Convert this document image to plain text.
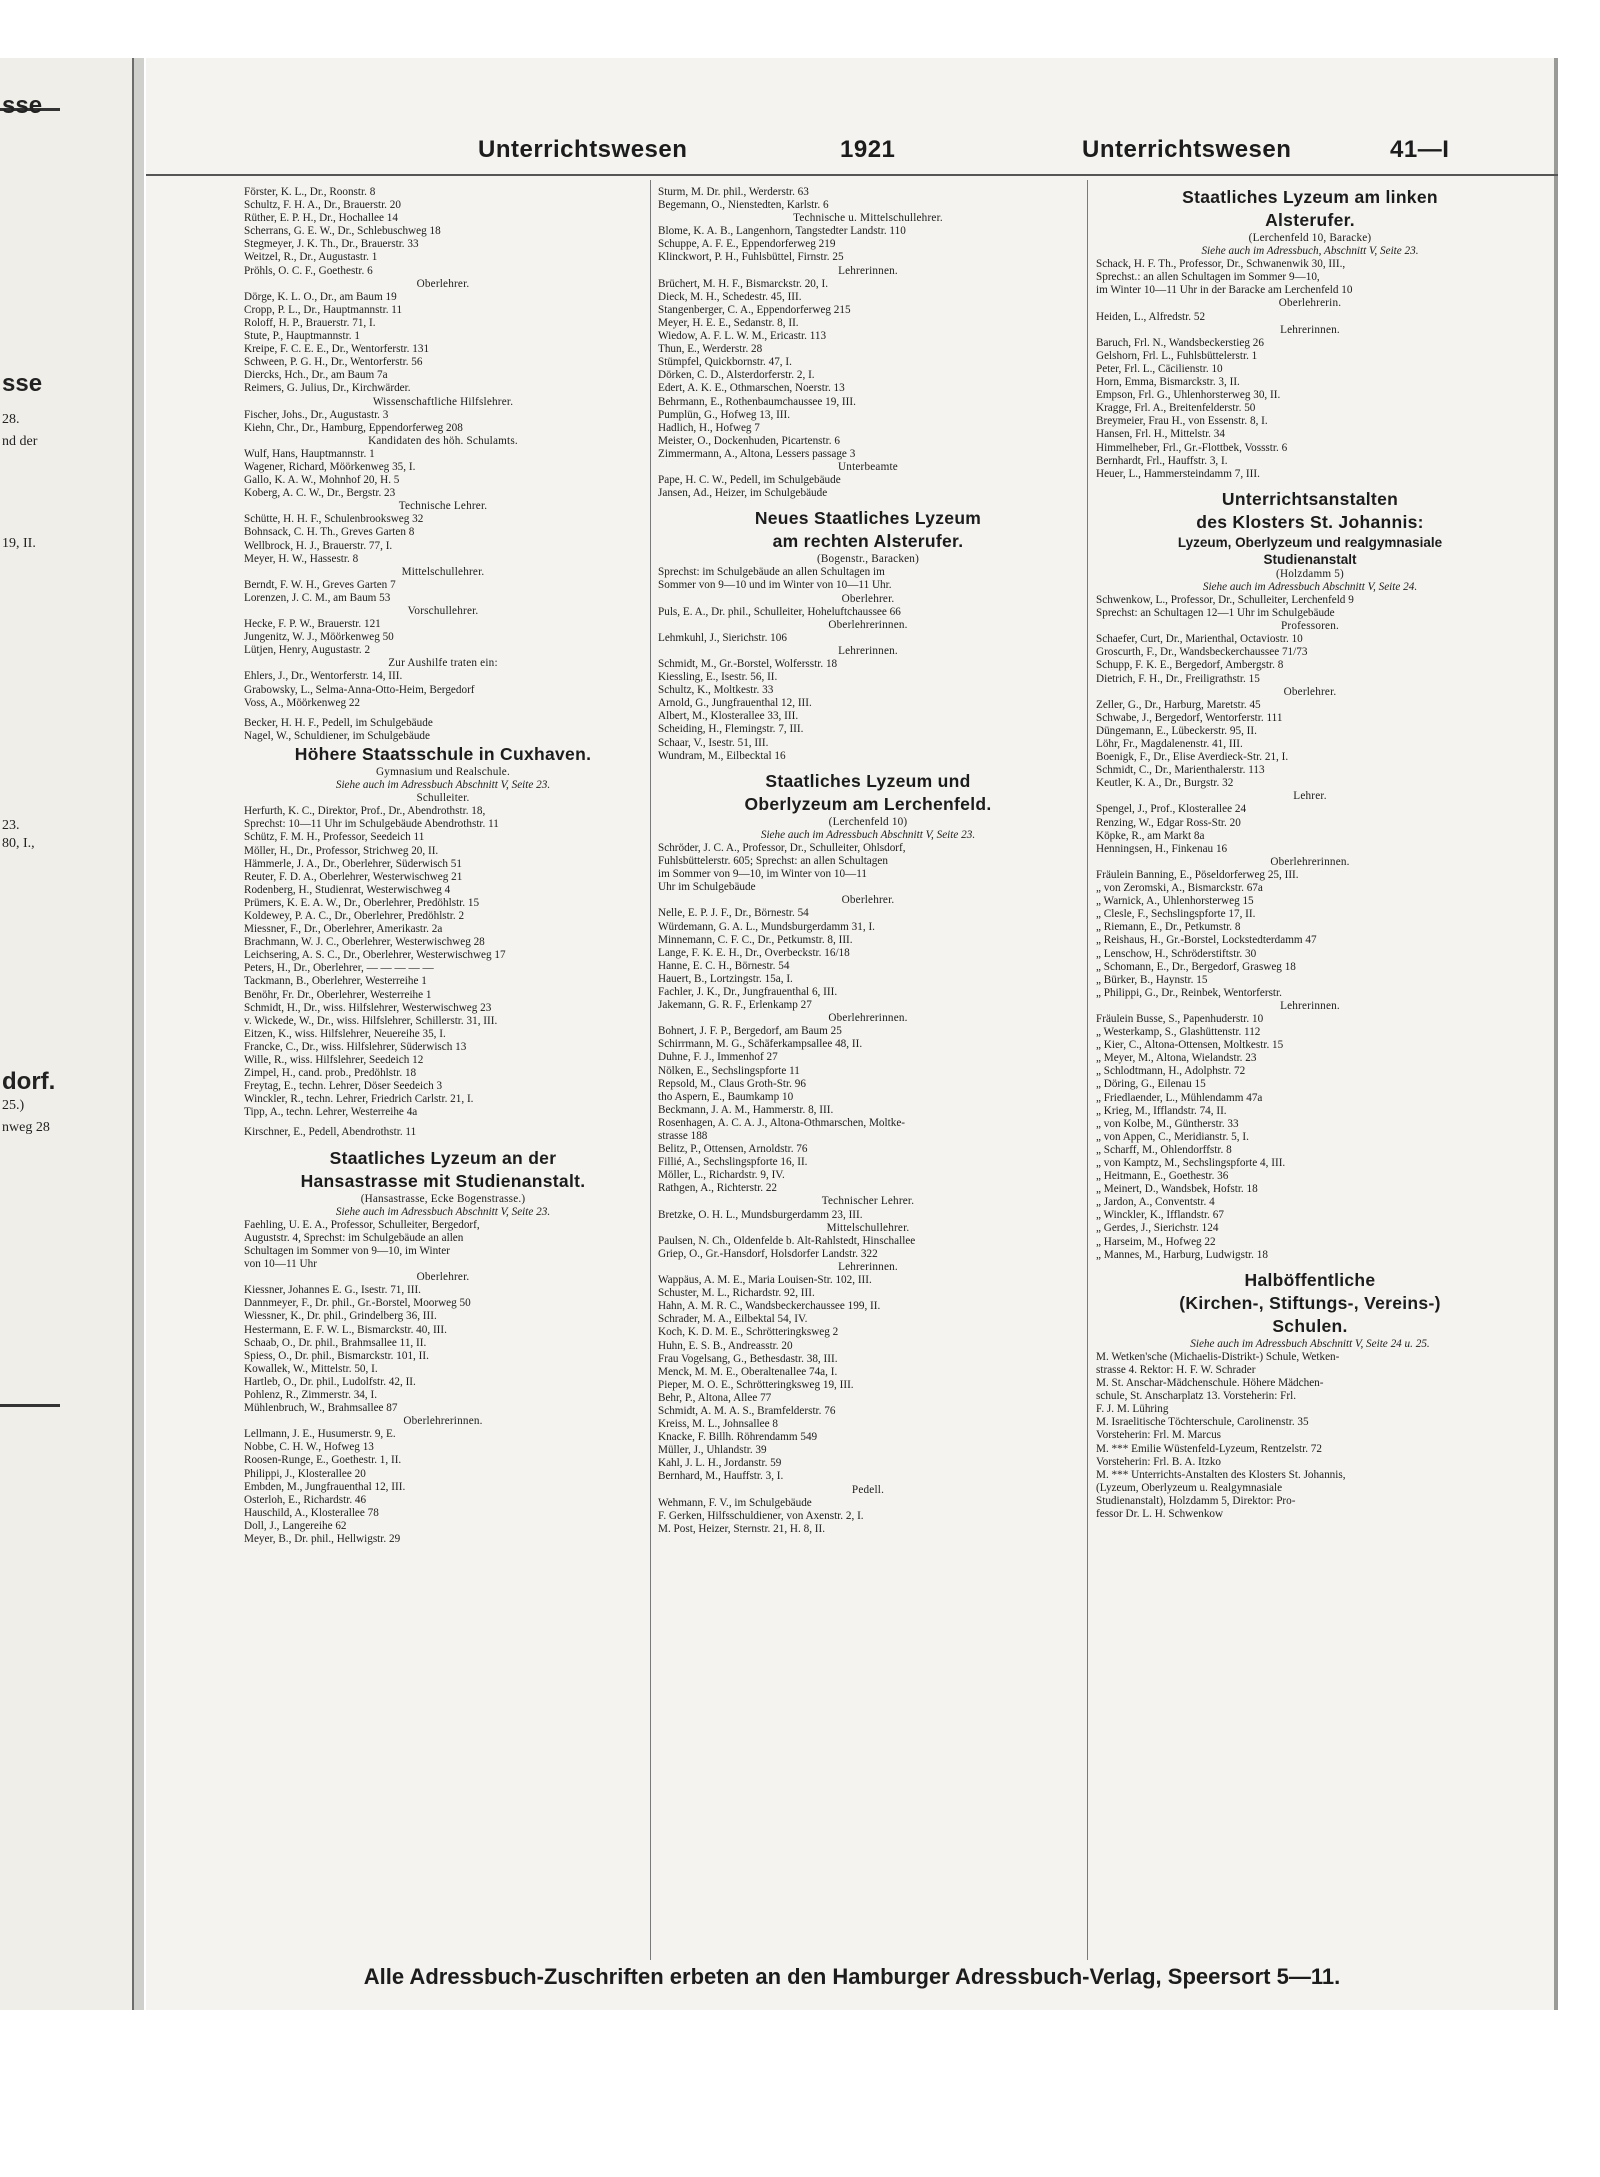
sse
sse
28.
nd der
19, II.
23.
80, I.,
dorf.
25.)
nweg 28
Unterrichtswesen	1921	Unterrichtswesen	41—I
Förster, K. L., Dr., Roonstr. 8
Schultz, F. H. A., Dr., Brauerstr. 20
Rüther, E. P. H., Dr., Hochallee 14
Scherrans, G. E. W., Dr., Schlebuschweg 18
Stegmeyer, J. K. Th., Dr., Brauerstr. 33
Weitzel, R., Dr., Augustastr. 1
Pröhls, O. C. F., Goethestr. 6
Oberlehrer.
Dörge, K. L. O., Dr., am Baum 19
Cropp, P. L., Dr., Hauptmannstr. 11
Roloff, H. P., Brauerstr. 71, I.
Stute, P., Hauptmannstr. 1
Kreipe, F. C. E. E., Dr., Wentorferstr. 131
Schween, P. G. H., Dr., Wentorferstr. 56
Diercks, Hch., Dr., am Baum 7a
Reimers, G. Julius, Dr., Kirchwärder.
Wissenschaftliche Hilfslehrer.
Fischer, Johs., Dr., Augustastr. 3
Kiehn, Chr., Dr., Hamburg, Eppendorferweg 208
Kandidaten des höh. Schulamts.
Wulf, Hans, Hauptmannstr. 1
Wagener, Richard, Möörkenweg 35, I.
Gallo, K. A. W., Mohnhof 20, H. 5
Koberg, A. C. W., Dr., Bergstr. 23
Technische Lehrer.
Schütte, H. H. F., Schulenbrooksweg 32
Bohnsack, C. H. Th., Greves Garten 8
Wellbrock, H. J., Brauerstr. 77, I.
Meyer, H. W., Hassestr. 8
Mittelschullehrer.
Berndt, F. W. H., Greves Garten 7
Lorenzen, J. C. M., am Baum 53
Vorschullehrer.
Hecke, F. P. W., Brauerstr. 121
Jungenitz, W. J., Möörkenweg 50
Lütjen, Henry, Augustastr. 2
Zur Aushilfe traten ein:
Ehlers, J., Dr., Wentorferstr. 14, III.
Grabowsky, L., Selma-Anna-Otto-Heim, Bergedorf
Voss, A., Möörkenweg 22
Becker, H. H. F., Pedell, im Schulgebäude
Nagel, W., Schuldiener, im Schulgebäude
Höhere Staatsschule in Cuxhaven.
Gymnasium und Realschule.
Siehe auch im Adressbuch Abschnitt V, Seite 23.
Schulleiter.
Herfurth, K. C., Direktor, Prof., Dr., Abendrothstr. 18,
Sprechst: 10—11 Uhr im Schulgebäude Abendrothstr. 11
Schütz, F. M. H., Professor, Seedeich 11
Möller, H., Dr., Professor, Strichweg 20, II.
Hämmerle, J. A., Dr., Oberlehrer, Süderwisch 51
Reuter, F. D. A., Oberlehrer, Westerwischweg 21
Rodenberg, H., Studienrat, Westerwischweg 4
Prümers, K. E. A. W., Dr., Oberlehrer, Predöhlstr. 15
Koldewey, P. A. C., Dr., Oberlehrer, Predöhlstr. 2
Miessner, F., Dr., Oberlehrer, Amerikastr. 2a
Brachmann, W. J. C., Oberlehrer, Westerwischweg 28
Leichsering, A. S. C., Dr., Oberlehrer, Westerwischweg 17
Peters, H., Dr., Oberlehrer, — — — — —
Tackmann, B., Oberlehrer, Westerreihe 1
Benöhr, Fr. Dr., Oberlehrer, Westerreihe 1
Schmidt, H., Dr., wiss. Hilfslehrer, Westerwischweg 23
v. Wickede, W., Dr., wiss. Hilfslehrer, Schillerstr. 31, III.
Eitzen, K., wiss. Hilfslehrer, Neuereihe 35, I.
Francke, C., Dr., wiss. Hilfslehrer, Süderwisch 13
Wille, R., wiss. Hilfslehrer, Seedeich 12
Zimpel, H., cand. prob., Predöhlstr. 18
Freytag, E., techn. Lehrer, Döser Seedeich 3
Winckler, R., techn. Lehrer, Friedrich Carlstr. 21, I.
Tipp, A., techn. Lehrer, Westerreihe 4a
Kirschner, E., Pedell, Abendrothstr. 11
Staatliches Lyzeum an der
Hansastrasse mit Studienanstalt.
(Hansastrasse, Ecke Bogenstrasse.)
Siehe auch im Adressbuch Abschnitt V, Seite 23.
Faehling, U. E. A., Professor, Schulleiter, Bergedorf,
Auguststr. 4, Sprechst: im Schulgebäude an allen
Schultagen im Sommer von 9—10, im Winter
von 10—11 Uhr
Oberlehrer.
Kiessner, Johannes E. G., Isestr. 71, III.
Dannmeyer, F., Dr. phil., Gr.-Borstel, Moorweg 50
Wiessner, K., Dr. phil., Grindelberg 36, III.
Hestermann, E. F. W. L., Bismarckstr. 40, III.
Schaab, O., Dr. phil., Brahmsallee 11, II.
Spiess, O., Dr. phil., Bismarckstr. 101, II.
Kowallek, W., Mittelstr. 50, I.
Hartleb, O., Dr. phil., Ludolfstr. 42, II.
Pohlenz, R., Zimmerstr. 34, I.
Mühlenbruch, W., Brahmsallee 87
Oberlehrerinnen.
Lellmann, J. E., Husumerstr. 9, E.
Nobbe, C. H. W., Hofweg 13
Roosen-Runge, E., Goethestr. 1, II.
Philippi, J., Klosterallee 20
Embden, M., Jungfrauenthal 12, III.
Osterloh, E., Richardstr. 46
Hauschild, A., Klosterallee 78
Doll, J., Langereihe 62
Meyer, B., Dr. phil., Hellwigstr. 29
Sturm, M. Dr. phil., Werderstr. 63
Begemann, O., Nienstedten, Karlstr. 6
Technische u. Mittelschullehrer.
Blome, K. A. B., Langenhorn, Tangstedter Landstr. 110
Schuppe, A. F. E., Eppendorferweg 219
Klinckwort, P. H., Fuhlsbüttel, Firnstr. 25
Lehrerinnen.
Brüchert, M. H. F., Bismarckstr. 20, I.
Dieck, M. H., Schedestr. 45, III.
Stangenberger, C. A., Eppendorferweg 215
Meyer, H. E. E., Sedanstr. 8, II.
Wiedow, A. F. L. W. M., Ericastr. 113
Thun, E., Werderstr. 28
Stümpfel, Quickbornstr. 47, I.
Dörken, C. D., Alsterdorferstr. 2, I.
Edert, A. K. E., Othmarschen, Noerstr. 13
Behrmann, E., Rothenbaumchaussee 19, III.
Pumplün, G., Hofweg 13, III.
Hadlich, H., Hofweg 7
Meister, O., Dockenhuden, Picartenstr. 6
Zimmermann, A., Altona, Lessers passage 3
Unterbeamte
Pape, H. C. W., Pedell, im Schulgebäude
Jansen, Ad., Heizer, im Schulgebäude
Neues Staatliches Lyzeum
am rechten Alsterufer.
(Bogenstr., Baracken)
Sprechst: im Schulgebäude an allen Schultagen im
Sommer von 9—10 und im Winter von 10—11 Uhr.
Oberlehrer.
Puls, E. A., Dr. phil., Schulleiter, Hoheluftchaussee 66
Oberlehrerinnen.
Lehmkuhl, J., Sierichstr. 106
Lehrerinnen.
Schmidt, M., Gr.-Borstel, Wolfersstr. 18
Kiessling, E., Isestr. 56, II.
Schultz, K., Moltkestr. 33
Arnold, G., Jungfrauenthal 12, III.
Albert, M., Klosterallee 33, III.
Scheiding, H., Flemingstr. 7, III.
Schaar, V., Isestr. 51, III.
Wundram, M., Eilbecktal 16
Staatliches Lyzeum und
Oberlyzeum am Lerchenfeld.
(Lerchenfeld 10)
Siehe auch im Adressbuch Abschnitt V, Seite 23.
Schröder, J. C. A., Professor, Dr., Schulleiter, Ohlsdorf,
Fuhlsbüttelerstr. 605; Sprechst: an allen Schultagen
im Sommer von 9—10, im Winter von 10—11
Uhr im Schulgebäude
Oberlehrer.
Nelle, E. P. J. F., Dr., Börnestr. 54
Würdemann, G. A. L., Mundsburgerdamm 31, I.
Minnemann, C. F. C., Dr., Petkumstr. 8, III.
Lange, F. K. E. H., Dr., Overbeckstr. 16/18
Hanne, E. C. H., Börnestr. 54
Hauert, B., Lortzingstr. 15a, I.
Fachler, J. K., Dr., Jungfrauenthal 6, III.
Jakemann, G. R. F., Erlenkamp 27
Oberlehrerinnen.
Bohnert, J. F. P., Bergedorf, am Baum 25
Schirrmann, M. G., Schäferkampsallee 48, II.
Duhne, F. J., Immenhof 27
Nölken, E., Sechslingspforte 11
Repsold, M., Claus Groth-Str. 96
tho Aspern, E., Baumkamp 10
Beckmann, J. A. M., Hammerstr. 8, III.
Rosenhagen, A. C. A. J., Altona-Othmarschen, Moltke-
strasse 188
Belitz, P., Ottensen, Arnoldstr. 76
Fillié, A., Sechslingspforte 16, II.
Möller, L., Richardstr. 9, IV.
Rathgen, A., Richterstr. 22
Technischer Lehrer.
Bretzke, O. H. L., Mundsburgerdamm 23, III.
Mittelschullehrer.
Paulsen, N. Ch., Oldenfelde b. Alt-Rahlstedt, Hinschallee
Griep, O., Gr.-Hansdorf, Holsdorfer Landstr. 322
Lehrerinnen.
Wappäus, A. M. E., Maria Louisen-Str. 102, III.
Schuster, M. L., Richardstr. 92, III.
Hahn, A. M. R. C., Wandsbeckerchaussee 199, II.
Schrader, M. A., Eilbektal 54, IV.
Koch, K. D. M. E., Schrötteringksweg 2
Huhn, E. S. B., Andreasstr. 20
Frau Vogelsang, G., Bethesdastr. 38, III.
Menck, M. M. E., Oberaltenallee 74a, I.
Pieper, M. O. E., Schrötteringksweg 19, III.
Behr, P., Altona, Allee 77
Schmidt, A. M. A. S., Bramfelderstr. 76
Kreiss, M. L., Johnsallee 8
Knacke, F. Billh. Röhrendamm 549
Müller, J., Uhlandstr. 39
Kahl, J. L. H., Jordanstr. 59
Bernhard, M., Hauffstr. 3, I.
Pedell.
Wehmann, F. V., im Schulgebäude
F. Gerken, Hilfsschuldiener, von Axenstr. 2, I.
M. Post, Heizer, Sternstr. 21, H. 8, II.
Staatliches Lyzeum am linken
Alsterufer.
(Lerchenfeld 10, Baracke)
Siehe auch im Adressbuch, Abschnitt V, Seite 23.
Schack, H. F. Th., Professor, Dr., Schwanenwik 30, III.,
Sprechst.: an allen Schultagen im Sommer 9—10,
im Winter 10—11 Uhr in der Baracke am Lerchenfeld 10
Oberlehrerin.
Heiden, L., Alfredstr. 52
Lehrerinnen.
Baruch, Frl. N., Wandsbeckerstieg 26
Gelshorn, Frl. L., Fuhlsbüttelerstr. 1
Peter, Frl. L., Cäcilienstr. 10
Horn, Emma, Bismarckstr. 3, II.
Empson, Frl. G., Uhlenhorsterweg 30, II.
Kragge, Frl. A., Breitenfelderstr. 50
Breymeier, Frau H., von Essenstr. 8, I.
Hansen, Frl. H., Mittelstr. 34
Himmelheber, Frl., Gr.-Flottbek, Vossstr. 6
Bernhardt, Frl., Hauffstr. 3, I.
Heuer, L., Hammersteindamm 7, III.
Unterrichtsanstalten
des Klosters St. Johannis:
Lyzeum, Oberlyzeum und realgymnasiale
Studienanstalt
(Holzdamm 5)
Siehe auch im Adressbuch Abschnitt V, Seite 24.
Schwenkow, L., Professor, Dr., Schulleiter, Lerchenfeld 9
Sprechst: an Schultagen 12—1 Uhr im Schulgebäude
Professoren.
Schaefer, Curt, Dr., Marienthal, Octaviostr. 10
Groscurth, F., Dr., Wandsbeckerchaussee 71/73
Schupp, F. K. E., Bergedorf, Ambergstr. 8
Dietrich, F. H., Dr., Freiligrathstr. 15
Oberlehrer.
Zeller, G., Dr., Harburg, Maretstr. 45
Schwabe, J., Bergedorf, Wentorferstr. 111
Düngemann, E., Lübeckerstr. 95, II.
Löhr, Fr., Magdalenenstr. 41, III.
Boenigk, F., Dr., Elise Averdieck-Str. 21, I.
Schmidt, C., Dr., Marienthalerstr. 113
Keutler, K. A., Dr., Burgstr. 32
Lehrer.
Spengel, J., Prof., Klosterallee 24
Renzing, W., Edgar Ross-Str. 20
Köpke, R., am Markt 8a
Henningsen, H., Finkenau 16
Oberlehrerinnen.
Fräulein Banning, E., Pöseldorferweg 25, III.
„ von Zeromski, A., Bismarckstr. 67a
„ Warnick, A., Uhlenhorsterweg 15
„ Clesle, F., Sechslingspforte 17, II.
„ Riemann, E., Dr., Petkumstr. 8
„ Reishaus, H., Gr.-Borstel, Lockstedterdamm 47
„ Lenschow, H., Schröderstiftstr. 30
„ Schomann, E., Dr., Bergedorf, Grasweg 18
„ Bürker, B., Haynstr. 15
„ Philippi, G., Dr., Reinbek, Wentorferstr.
Lehrerinnen.
Fräulein Busse, S., Papenhuderstr. 10
„ Westerkamp, S., Glashüttenstr. 112
„ Kier, C., Altona-Ottensen, Moltkestr. 15
„ Meyer, M., Altona, Wielandstr. 23
„ Schlodtmann, H., Adolphstr. 72
„ Döring, G., Eilenau 15
„ Friedlaender, L., Mühlendamm 47a
„ Krieg, M., Ifflandstr. 74, II.
„ von Kolbe, M., Güntherstr. 33
„ von Appen, C., Meridianstr. 5, I.
„ Scharff, M., Ohlendorffstr. 8
„ von Kamptz, M., Sechslingspforte 4, III.
„ Heitmann, E., Goethestr. 36
„ Meinert, D., Wandsbek, Hofstr. 18
„ Jardon, A., Conventstr. 4
„ Winckler, K., Ifflandstr. 67
„ Gerdes, J., Sierichstr. 124
„ Harseim, M., Hofweg 22
„ Mannes, M., Harburg, Ludwigstr. 18
Halböffentliche
(Kirchen-, Stiftungs-, Vereins-)
Schulen.
Siehe auch im Adressbuch Abschnitt V, Seite 24 u. 25.
M. Wetken'sche (Michaelis-Distrikt-) Schule, Wetken-
strasse 4. Rektor: H. F. W. Schrader
M. St. Anschar-Mädchenschule. Höhere Mädchen-
schule, St. Anscharplatz 13. Vorsteherin: Frl.
F. J. M. Lühring
M. Israelitische Töchterschule, Carolinenstr. 35
Vorsteherin: Frl. M. Marcus
M. *** Emilie Wüstenfeld-Lyzeum, Rentzelstr. 72
Vorsteherin: Frl. B. A. Itzko
M. *** Unterrichts-Anstalten des Klosters St. Johannis,
(Lyzeum, Oberlyzeum u. Realgymnasiale
Studienanstalt), Holzdamm 5, Direktor: Pro-
fessor Dr. L. H. Schwenkow
Alle Adressbuch-Zuschriften erbeten an den Hamburger Adressbuch-Verlag, Speersort 5—11.
